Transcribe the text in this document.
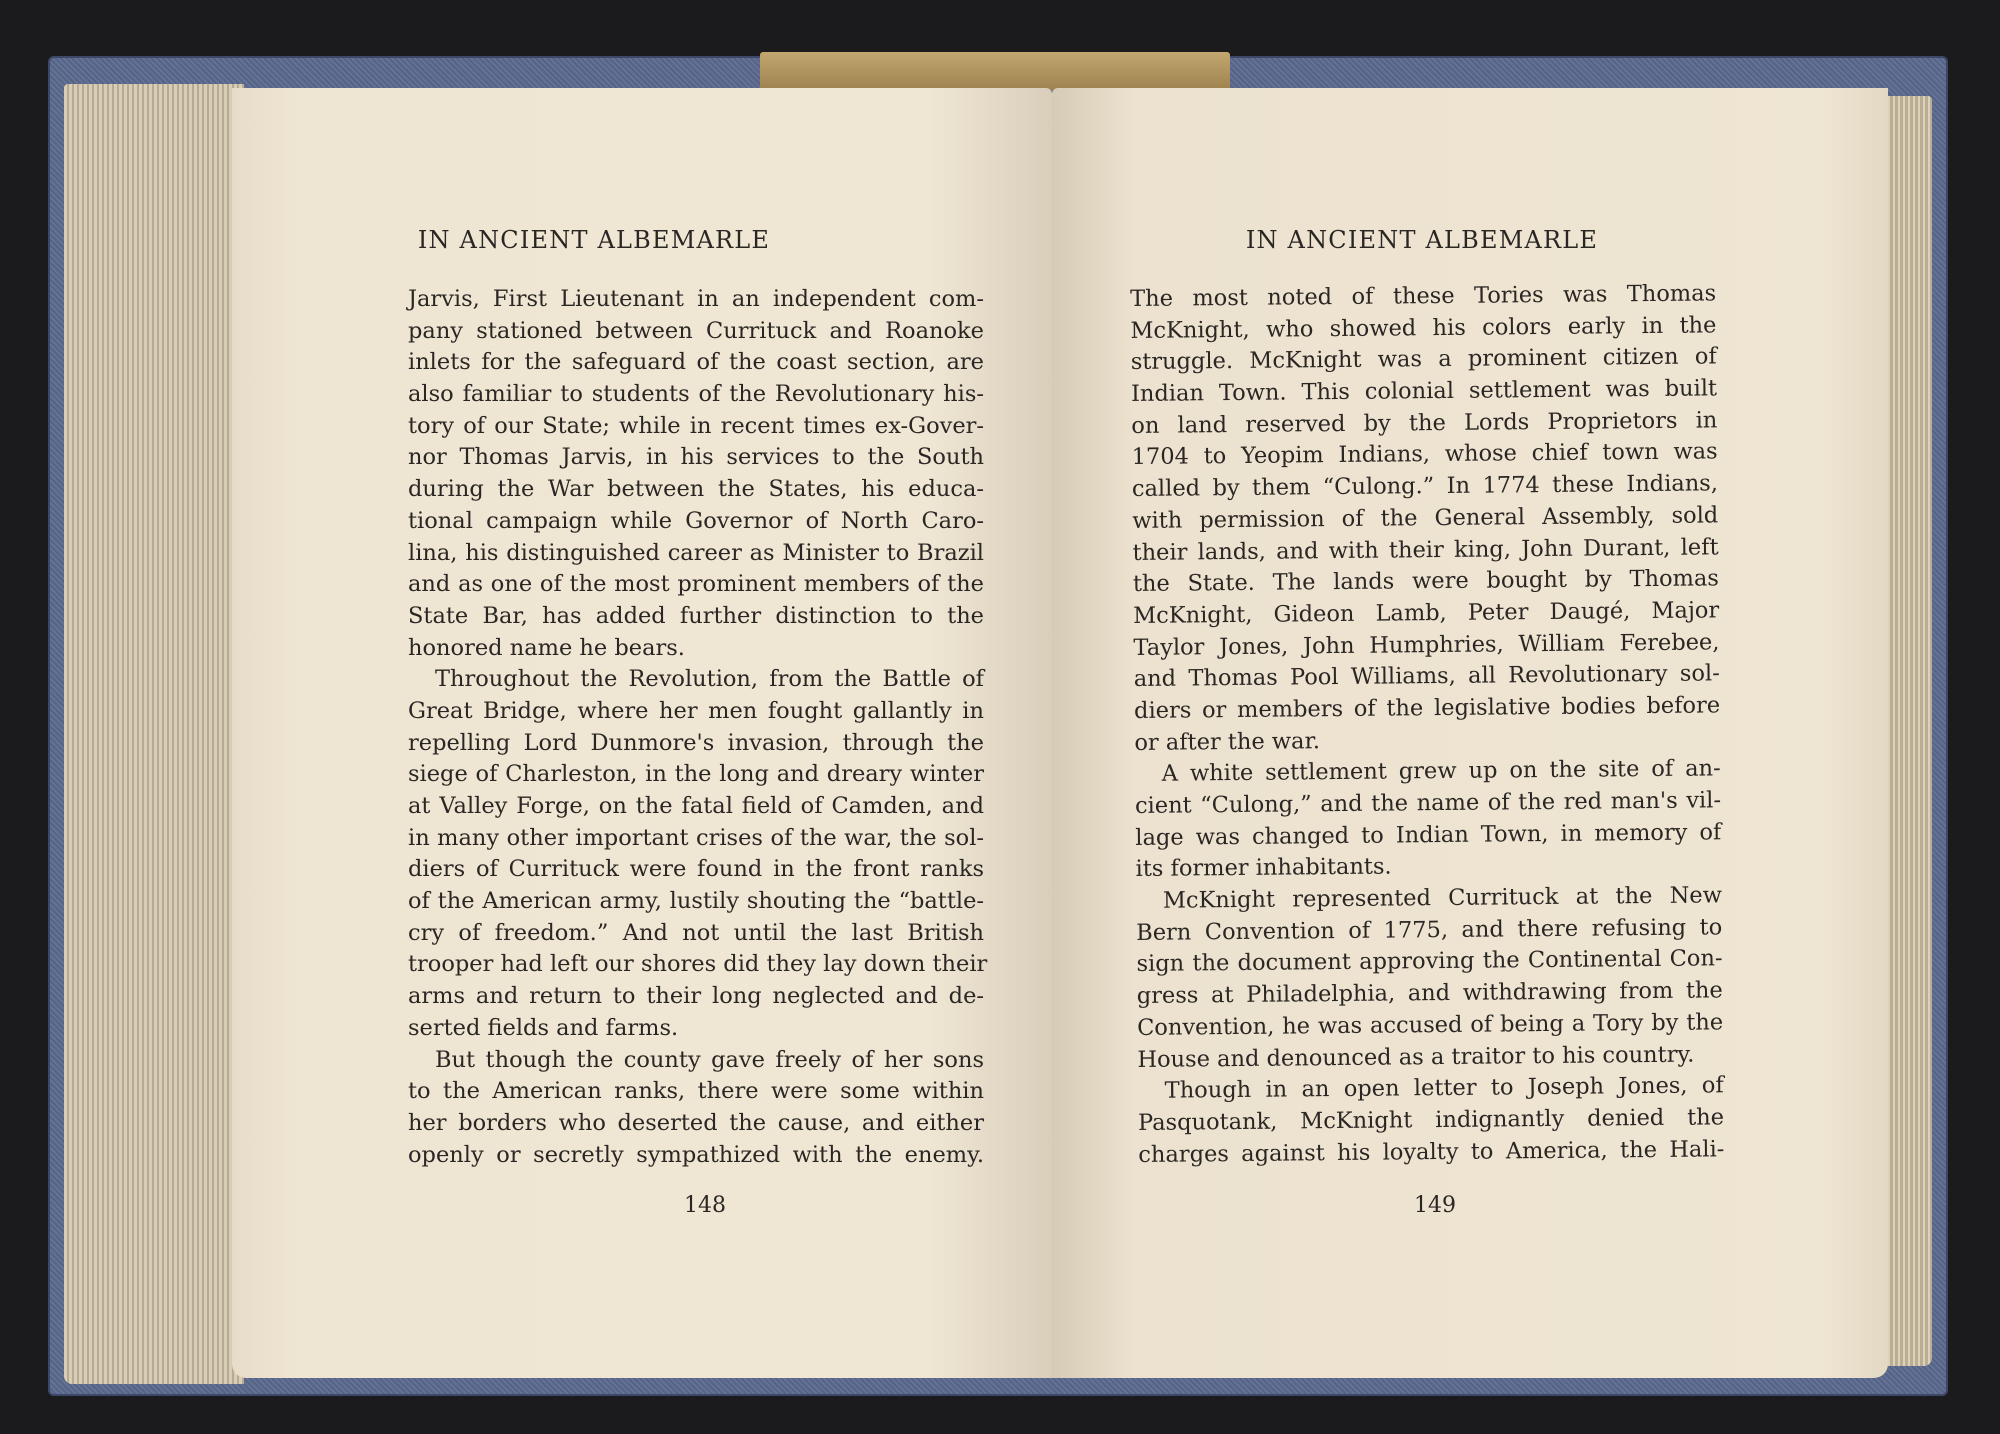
IN ANCIENT ALBEMARLE
Jarvis, First Lieutenant in an independent com-
pany stationed between Currituck and Roanoke
inlets for the safeguard of the coast section, are
also familiar to students of the Revolutionary his-
tory of our State; while in recent times ex-Gover-
nor Thomas Jarvis, in his services to the South
during the War between the States, his educa-
tional campaign while Governor of North Caro-
lina, his distinguished career as Minister to Brazil
and as one of the most prominent members of the
State Bar, has added further distinction to the
honored name he bears.
Throughout the Revolution, from the Battle of
Great Bridge, where her men fought gallantly in
repelling Lord Dunmore's invasion, through the
siege of Charleston, in the long and dreary winter
at Valley Forge, on the fatal field of Camden, and
in many other important crises of the war, the sol-
diers of Currituck were found in the front ranks
of the American army, lustily shouting the “battle-
cry of freedom.” And not until the last British
trooper had left our shores did they lay down their
arms and return to their long neglected and de-
serted fields and farms.
But though the county gave freely of her sons
to the American ranks, there were some within
her borders who deserted the cause, and either
openly or secretly sympathized with the enemy.
148
IN ANCIENT ALBEMARLE
The most noted of these Tories was Thomas
McKnight, who showed his colors early in the
struggle. McKnight was a prominent citizen of
Indian Town. This colonial settlement was built
on land reserved by the Lords Proprietors in
1704 to Yeopim Indians, whose chief town was
called by them “Culong.” In 1774 these Indians,
with permission of the General Assembly, sold
their lands, and with their king, John Durant, left
the State. The lands were bought by Thomas
McKnight, Gideon Lamb, Peter Daugé, Major
Taylor Jones, John Humphries, William Ferebee,
and Thomas Pool Williams, all Revolutionary sol-
diers or members of the legislative bodies before
or after the war.
A white settlement grew up on the site of an-
cient “Culong,” and the name of the red man's vil-
lage was changed to Indian Town, in memory of
its former inhabitants.
McKnight represented Currituck at the New
Bern Convention of 1775, and there refusing to
sign the document approving the Continental Con-
gress at Philadelphia, and withdrawing from the
Convention, he was accused of being a Tory by the
House and denounced as a traitor to his country.
Though in an open letter to Joseph Jones, of
Pasquotank, McKnight indignantly denied the
charges against his loyalty to America, the Hali-
149
